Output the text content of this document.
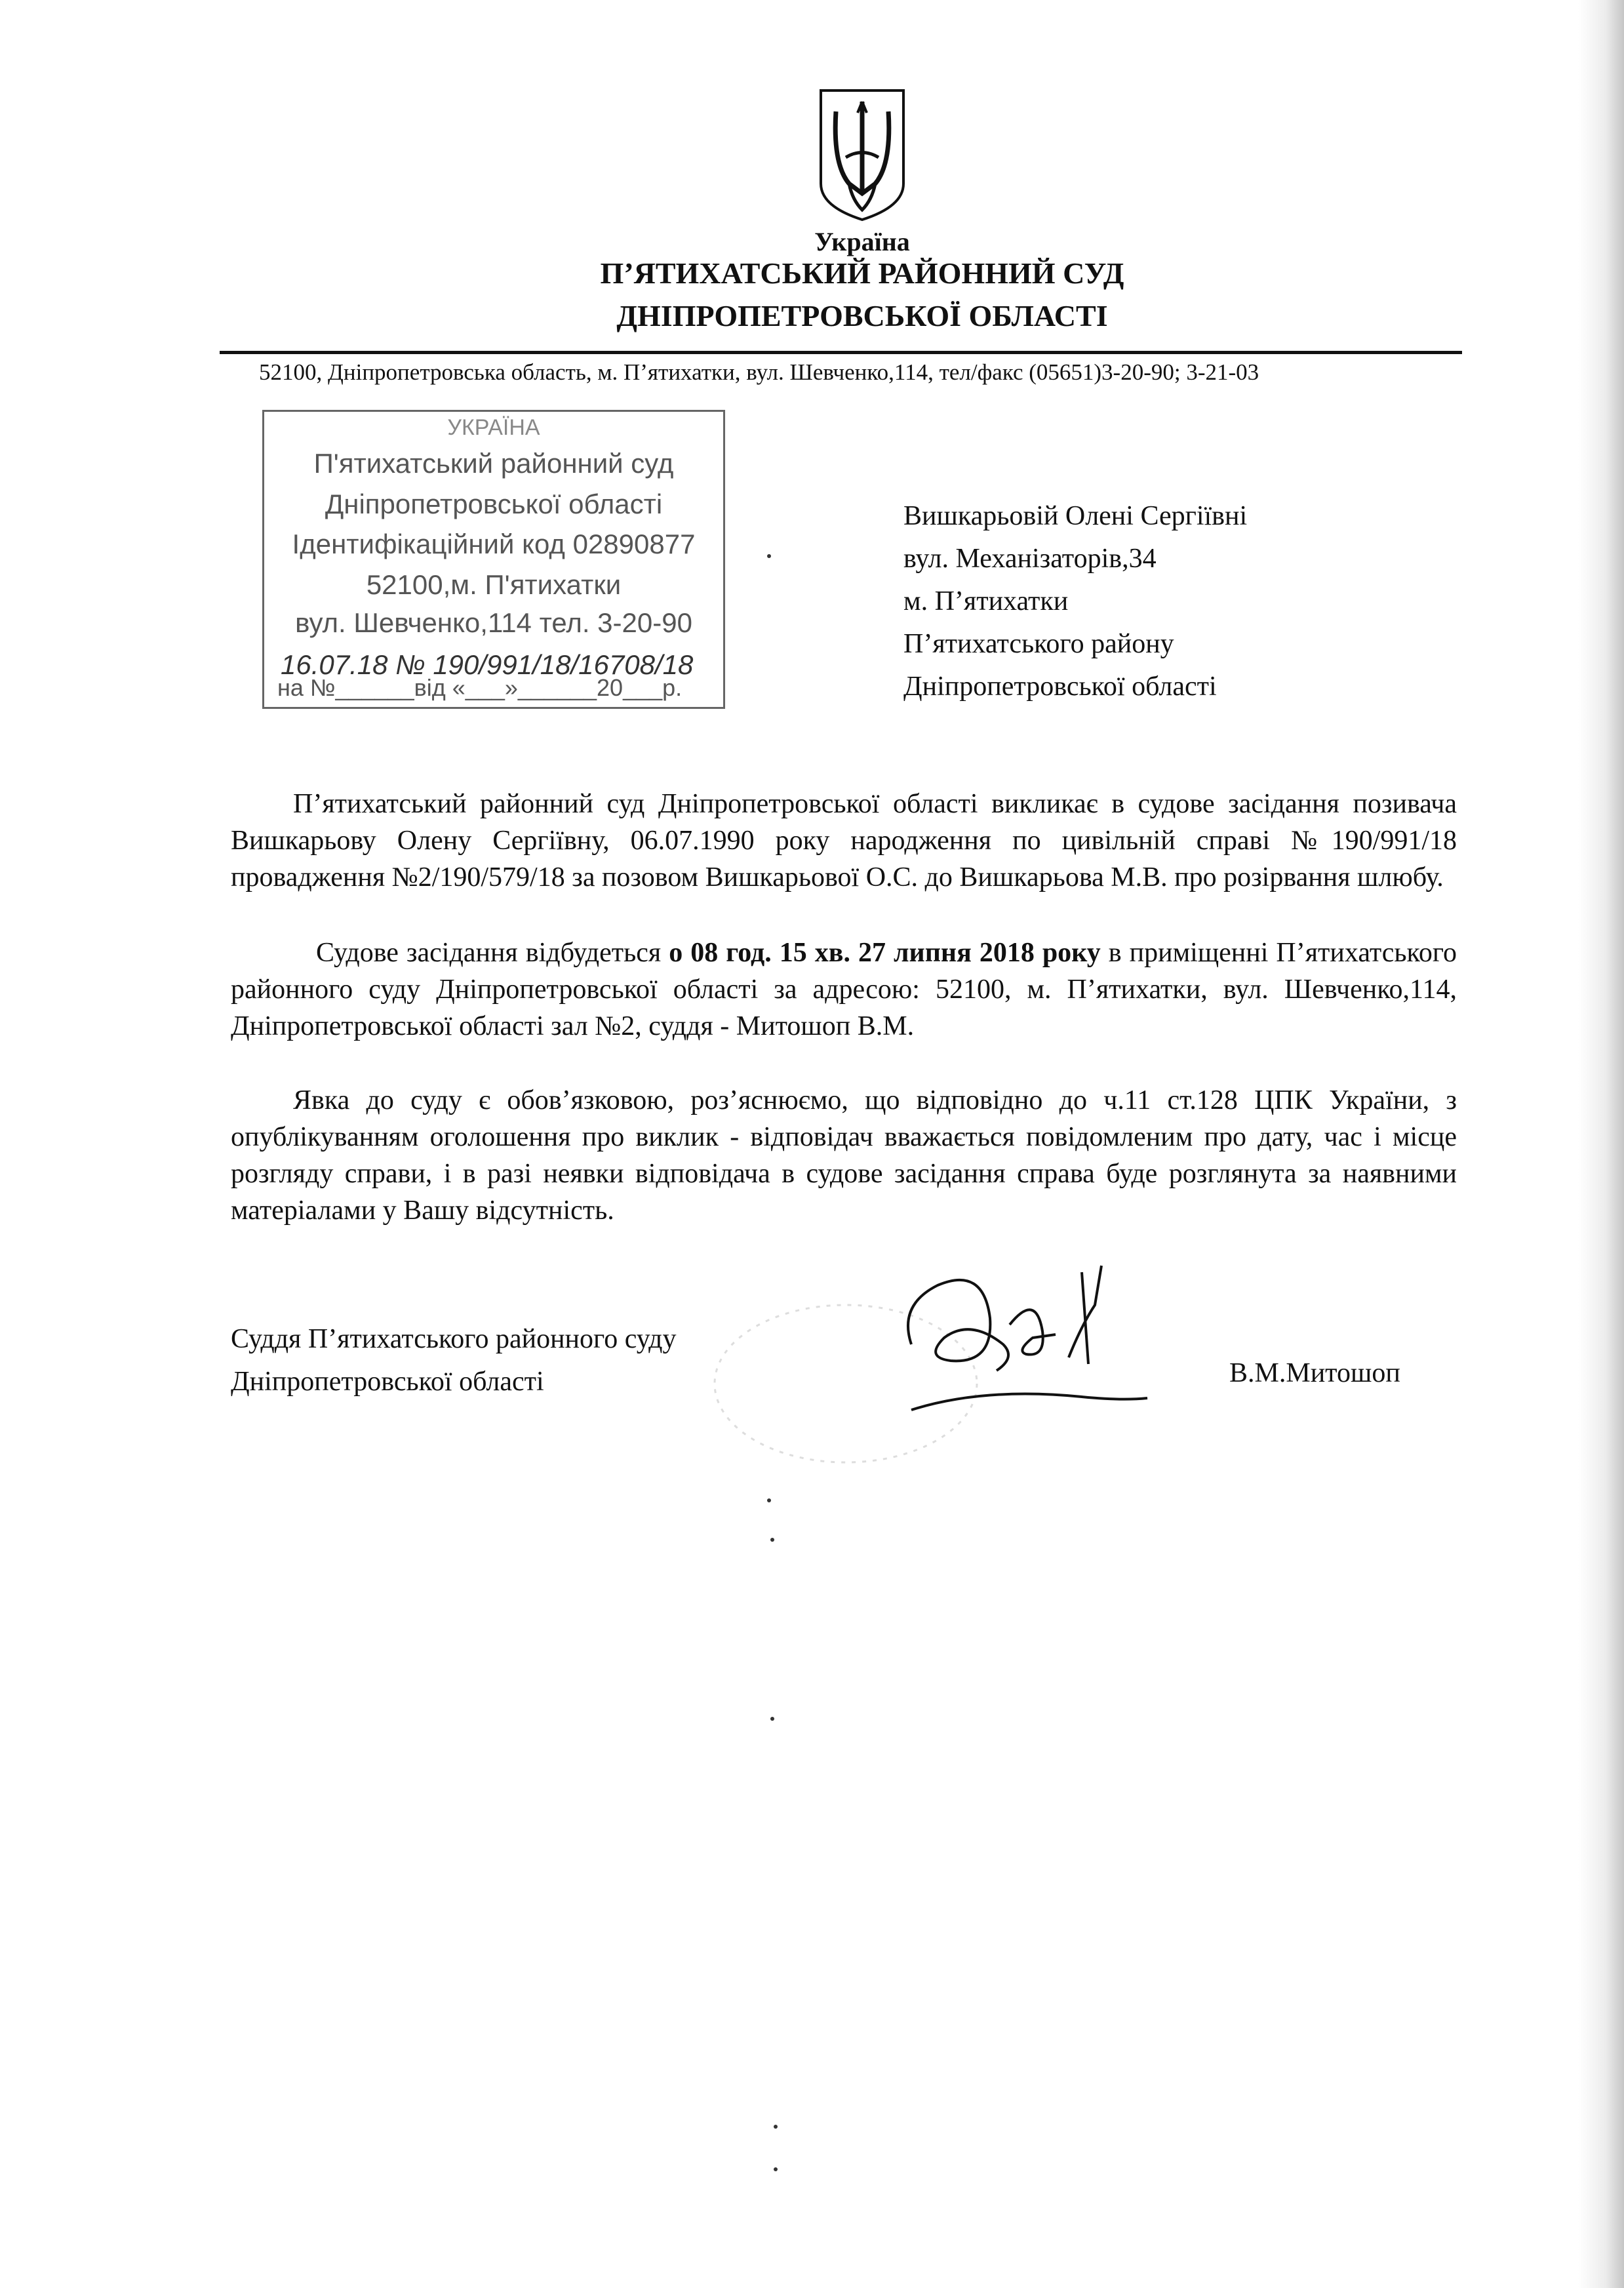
Україна
П’ЯТИХАТСЬКИЙ РАЙОННИЙ СУД
ДНІПРОПЕТРОВСЬКОЇ ОБЛАСТІ
52100, Дніпропетровська область, м. П’ятихатки, вул. Шевченко,114, тел/факс (05651)3-20-90; 3-21-03
УКРАЇНА
П'ятихатський районний суд
Дніпропетровської області
Ідентифікаційний код 02890877
52100,м. П'ятихатки
вул. Шевченко,114 тел. 3-20-90
16.07.18 № 190/991/18/16708/18
на №______від «___»______20___р.
Вишкарьовій Олені Сергіївні
вул. Механізаторів,34
м. П’ятихатки
П’ятихатського району
Дніпропетровської області

П’ятихатський районний суд Дніпропетровської області викликає в судове засідання позивача Вишкарьову Олену Сергіївну, 06.07.1990 року народження по цивільній справі №190/991/18 провадження №2/190/579/18 за позовом Вишкарьової О.С. до Вишкарьова М.В. про розірвання шлюбу.

Судове засідання відбудеться о 08 год. 15 хв. 27 липня 2018 року в приміщенні П’ятихатського районного суду Дніпропетровської області за адресою: 52100, м. П’ятихатки, вул. Шевченко,114, Дніпропетровської області зал №2, суддя - Митошоп В.М.

Явка до суду є обов’язковою, роз’яснюємо, що відповідно до ч.11 ст.128 ЦПК України, з опублікуванням оголошення про виклик - відповідач вважається повідомленим про дату, час і місце розгляду справи, і в разі неявки відповідача в судове засідання справа буде розглянута за наявними матеріалами у Вашу відсутність.

Суддя П’ятихатського районного суду
Дніпропетровської області	В.М.Митошоп
